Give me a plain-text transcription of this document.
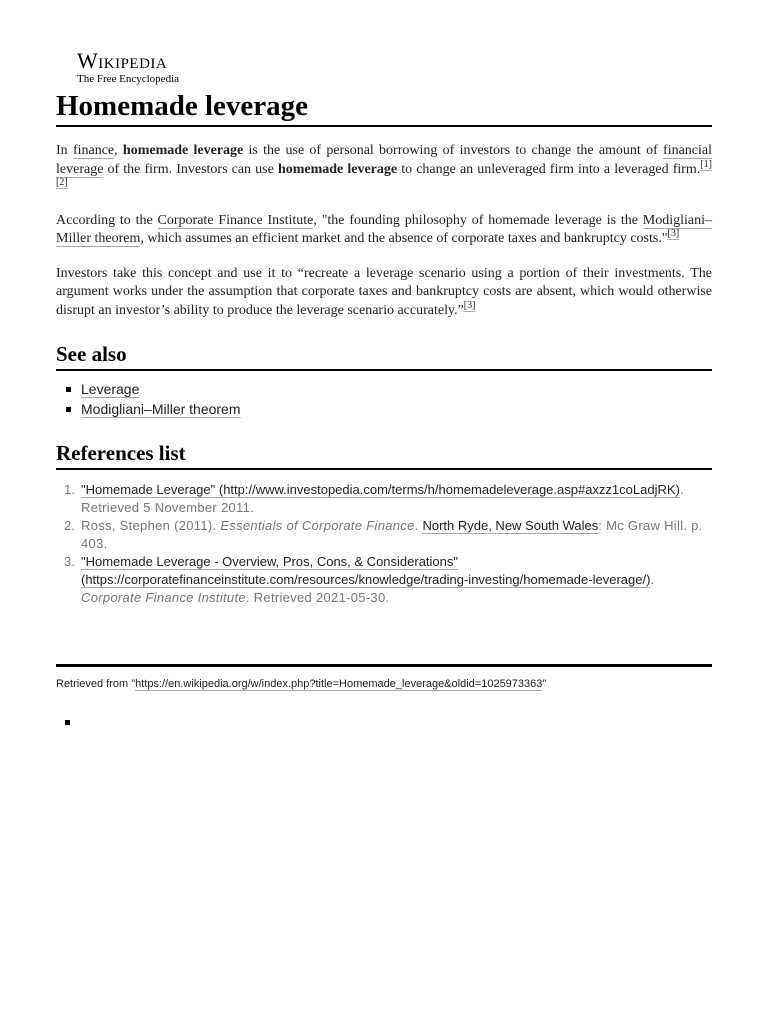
Wikipedia
The Free Encyclopedia
Homemade leverage

In finance, homemade leverage is the use of personal borrowing of investors to change the amount of financial leverage of the firm. Investors can use homemade leverage to change an unleveraged firm into a leveraged firm.[1][2]

According to the Corporate Finance Institute, "the founding philosophy of homemade leverage is the Modigliani–Miller theorem, which assumes an efficient market and the absence of corporate taxes and bankruptcy costs."[3]

Investors take this concept and use it to “recreate a leverage scenario using a portion of their investments. The argument works under the assumption that corporate taxes and bankruptcy costs are absent, which would otherwise disrupt an investor’s ability to produce the leverage scenario accurately.”[3]

See also
Leverage
Modigliani–Miller theorem
References list
1. "Homemade Leverage" (http://www.investopedia.com/terms/h/homemadeleverage.asp#axzz1coLadjRK). Retrieved 5 November 2011.
2. Ross, Stephen (2011). Essentials of Corporate Finance. North Ryde, New South Wales: Mc Graw Hill. p. 403.
3. "Homemade Leverage - Overview, Pros, Cons, & Considerations" (https://corporatefinanceinstitute.com/resources/knowledge/trading-investing/homemade-leverage/). Corporate Finance Institute. Retrieved 2021-05-30.
Retrieved from "https://en.wikipedia.org/w/index.php?title=Homemade_leverage&oldid=1025973363"
